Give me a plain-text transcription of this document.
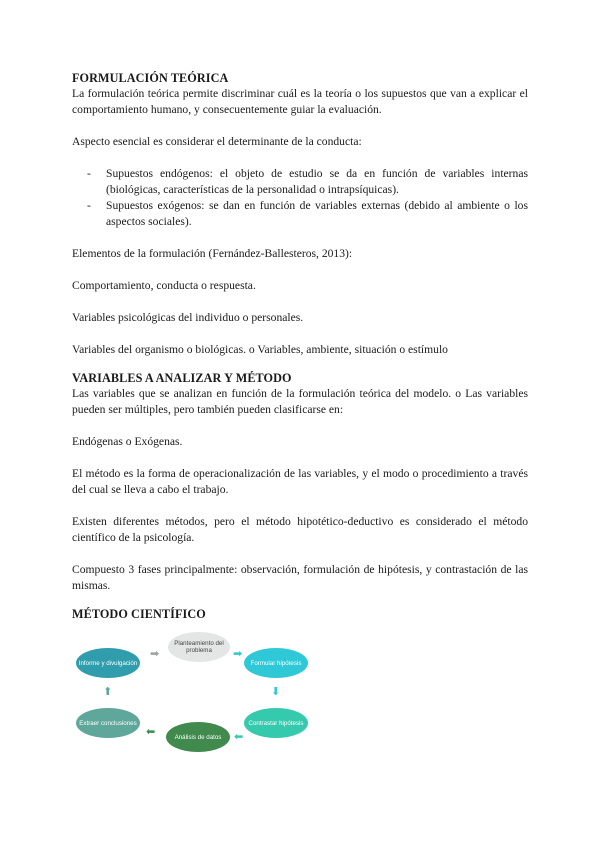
FORMULACIÓN TEÓRICA

La formulación teórica permite discriminar cuál es la teoría o los supuestos que van a explicar el comportamiento humano, y consecuentemente guiar la evaluación.

Aspecto esencial es considerar el determinante de la conducta:

- Supuestos endógenos: el objeto de estudio se da en función de variables internas (biológicas, características de la personalidad o intrapsíquicas).
- Supuestos exógenos: se dan en función de variables externas (debido al ambiente o los aspectos sociales).

Elementos de la formulación (Fernández-Ballesteros, 2013):

Comportamiento, conducta o respuesta.

Variables psicológicas del individuo o personales.

Variables del organismo o biológicas. o Variables, ambiente, situación o estímulo

VARIABLES A ANALIZAR Y MÉTODO

Las variables que se analizan en función de la formulación teórica del modelo. o Las variables pueden ser múltiples, pero también pueden clasificarse en:

Endógenas o Exógenas.

El método es la forma de operacionalización de las variables, y el modo o procedimiento a través del cual se lleva a cabo el trabajo.

Existen diferentes métodos, pero el método hipotético-deductivo es considerado el método científico de la psicología.

Compuesto 3 fases principalmente: observación, formulación de hipótesis, y contrastación de las mismas.

MÉTODO CIENTÍFICO
Planteamiento del problema
Formular hipótesis
Contrastar hipótesis
Análisis de datos
Extraer conclusiones
Informe y divulgación
➡
⬇
⬅
⬅
⬆
➡
